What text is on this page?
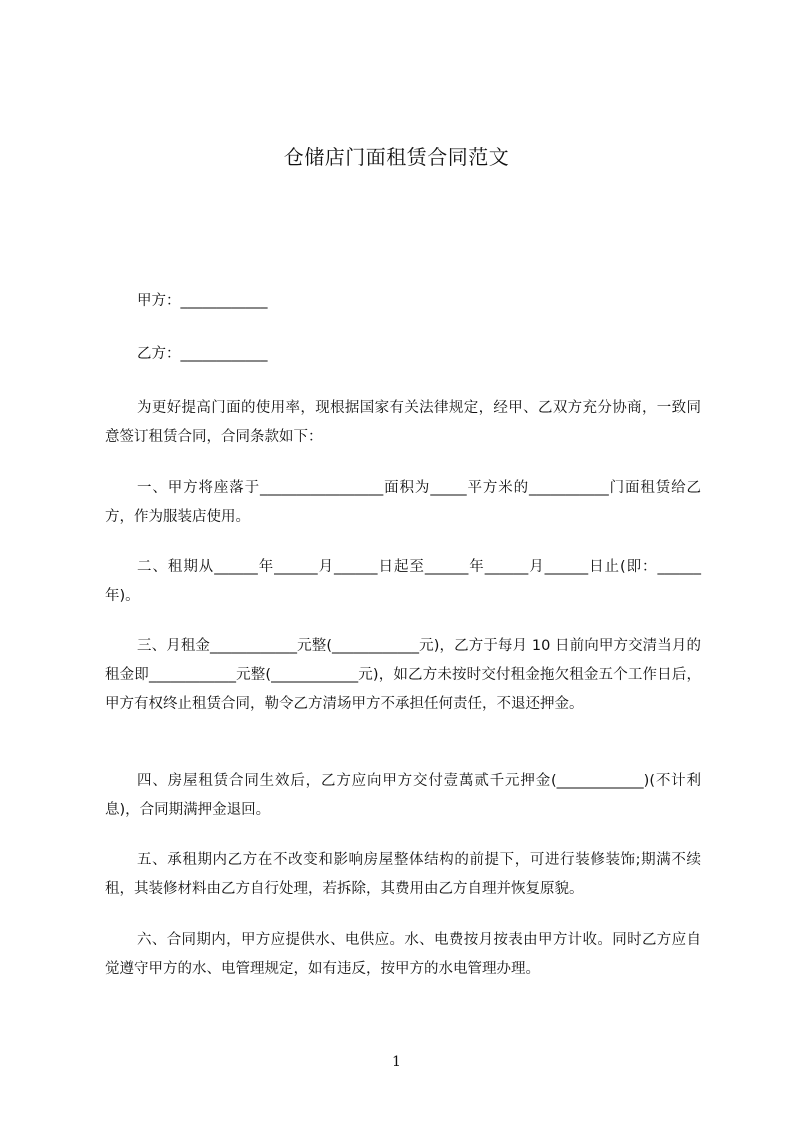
仓储店门面租赁合同范文
甲方：____________
乙方：____________
为更好提高门面的使用率，现根据国家有关法律规定，经甲、乙双方充分协商，一致同意签订租赁合同，合同条款如下：
一、甲方将座落于_________________面积为_____平方米的___________门面租赁给乙方，作为服装店使用。
二、租期从______年______月______日起至______年______月______日止(即：______年)。
三、月租金____________元整(____________元)，乙方于每月 10 日前向甲方交清当月的租金即____________元整(____________元)，如乙方未按时交付租金拖欠租金五个工作日后，甲方有权终止租赁合同，勒令乙方清场甲方不承担任何责任，不退还押金。
四、房屋租赁合同生效后，乙方应向甲方交付壹萬贰千元押金(____________)(不计利息)，合同期满押金退回。
五、承租期内乙方在不改变和影响房屋整体结构的前提下，可进行装修装饰;期满不续租，其装修材料由乙方自行处理，若拆除，其费用由乙方自理并恢复原貌。
六、合同期内，甲方应提供水、电供应。水、电费按月按表由甲方计收。同时乙方应自觉遵守甲方的水、电管理规定，如有违反，按甲方的水电管理办理。
1
